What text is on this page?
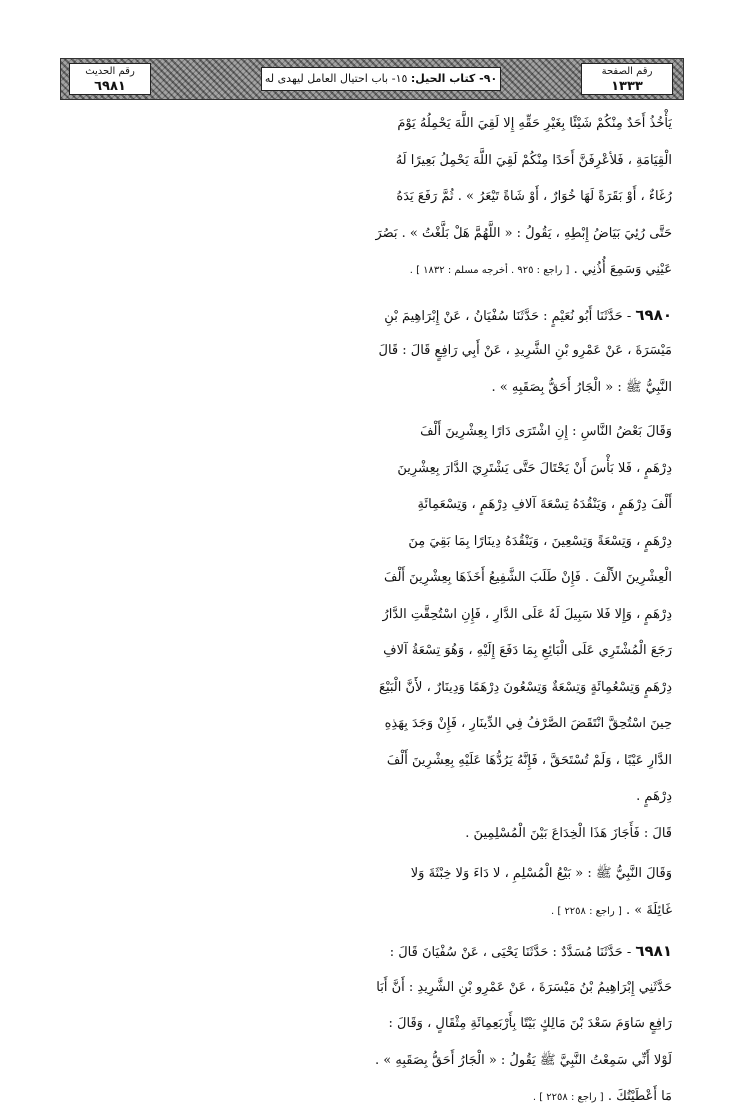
رقم الصفحة
١٣٣٣
٩٠- كتاب الحيل: ١٥- باب احتيال العامل ليهدى له
رقم الحديث
٦٩٨١
يَأْخُذُ أَحَدٌ مِنْكُمْ شَيْئًا بِغَيْرِ حَقِّهِ إِلا لَقِيَ اللَّهَ يَحْمِلُهُ يَوْمَ
الْقِيَامَةِ ، فَلأعْرِفَنَّ أَحَدًا مِنْكُمْ لَقِيَ اللَّهَ يَحْمِلُ بَعِيرًا لَهُ
رُغَاءٌ ، أَوْ بَقَرَةً لَهَا خُوَارٌ ، أَوْ شَاةً تَيْعَرُ » . ثُمَّ رَفَعَ يَدَهُ
حَتَّى رُئِيَ بَيَاضُ إِبْطِهِ ، يَقُولُ : « اللَّهُمَّ هَلْ بَلَّغْتُ » . بَصُرَ
عَيْنِي وَسَمِعَ أُذُنِي . [ راجع : ٩٢٥ . أخرجه مسلم : ١٨٣٢ ] .
٦٩٨٠ - حَدَّثَنَا أَبُو نُعَيْمٍ : حَدَّثَنَا سُفْيَانُ ، عَنْ إِبْرَاهِيمَ بْنِ
مَيْسَرَةَ ، عَنْ عَمْرِو بْنِ الشَّرِيدِ ، عَنْ أَبِي رَافِعٍ قَالَ : قَالَ
النَّبِيُّ ﷺ : « الْجَارُ أَحَقُّ بِصَقَبِهِ » .
وَقَالَ بَعْضُ النَّاسِ : إِنِ اشْتَرَى دَارًا بِعِشْرِينَ أَلْفَ
دِرْهَمٍ ، فَلا بَأْسَ أَنْ يَحْتَالَ حَتَّى يَشْتَرِيَ الدَّارَ بِعِشْرِينَ
أَلْفَ دِرْهَمٍ ، وَيَنْقُدَهُ تِسْعَةَ آلافِ دِرْهَمٍ ، وَتِسْعَمِائَةِ
دِرْهَمٍ ، وَتِسْعَةً وَتِسْعِينَ ، وَيَنْقُدَهُ دِينَارًا بِمَا بَقِيَ مِنَ
الْعِشْرِينَ الأَلْفَ . فَإِنْ طَلَبَ الشَّفِيعُ أَخَذَهَا بِعِشْرِينَ أَلْفَ
دِرْهَمٍ ، وَإِلا فَلا سَبِيلَ لَهُ عَلَى الدَّارِ ، فَإِنِ اسْتُحِقَّتِ الدَّارُ
رَجَعَ الْمُشْتَرِي عَلَى الْبَائِعِ بِمَا دَفَعَ إِلَيْهِ ، وَهُوَ تِسْعَةُ آلافِ
دِرْهَمٍ وَتِسْعُمِائَةٍ وَتِسْعَةٌ وَتِسْعُونَ دِرْهَمًا وَدِينَارٌ ، لأَنَّ الْبَيْعَ
حِينَ اسْتُحِقَّ انْتَقَضَ الصَّرْفُ فِي الدِّينَارِ ، فَإِنْ وَجَدَ بِهَذِهِ
الدَّارِ عَيْبًا ، وَلَمْ تُسْتَحَقَّ ، فَإِنَّهُ يَرُدُّهَا عَلَيْهِ بِعِشْرِينَ أَلْفَ
دِرْهَمٍ .
قَالَ : فَأَجَازَ هَذَا الْخِدَاعَ بَيْنَ الْمُسْلِمِينَ .
وَقَالَ النَّبِيُّ ﷺ : « بَيْعُ الْمُسْلِمِ ، لا دَاءَ وَلا خِبْثَةَ وَلا
غَائِلَةَ » . [ راجع : ٢٢٥٨ ] .
٦٩٨١ - حَدَّثَنَا مُسَدَّدٌ : حَدَّثَنَا يَحْيَى ، عَنْ سُفْيَانَ قَالَ :
حَدَّثَنِي إِبْرَاهِيمُ بْنُ مَيْسَرَةَ ، عَنْ عَمْرِو بْنِ الشَّرِيدِ : أَنَّ أَبَا
رَافِعٍ سَاوَمَ سَعْدَ بْنَ مَالِكٍ بَيْتًا بِأَرْبَعِمِائَةِ مِثْقَالٍ ، وَقَالَ :
لَوْلا أَنِّي سَمِعْتُ النَّبِيَّ ﷺ يَقُولُ : « الْجَارُ أَحَقُّ بِصَقَبِهِ » .
مَا أَعْطَيْتُكَ . [ راجع : ٢٢٥٨ ] .
